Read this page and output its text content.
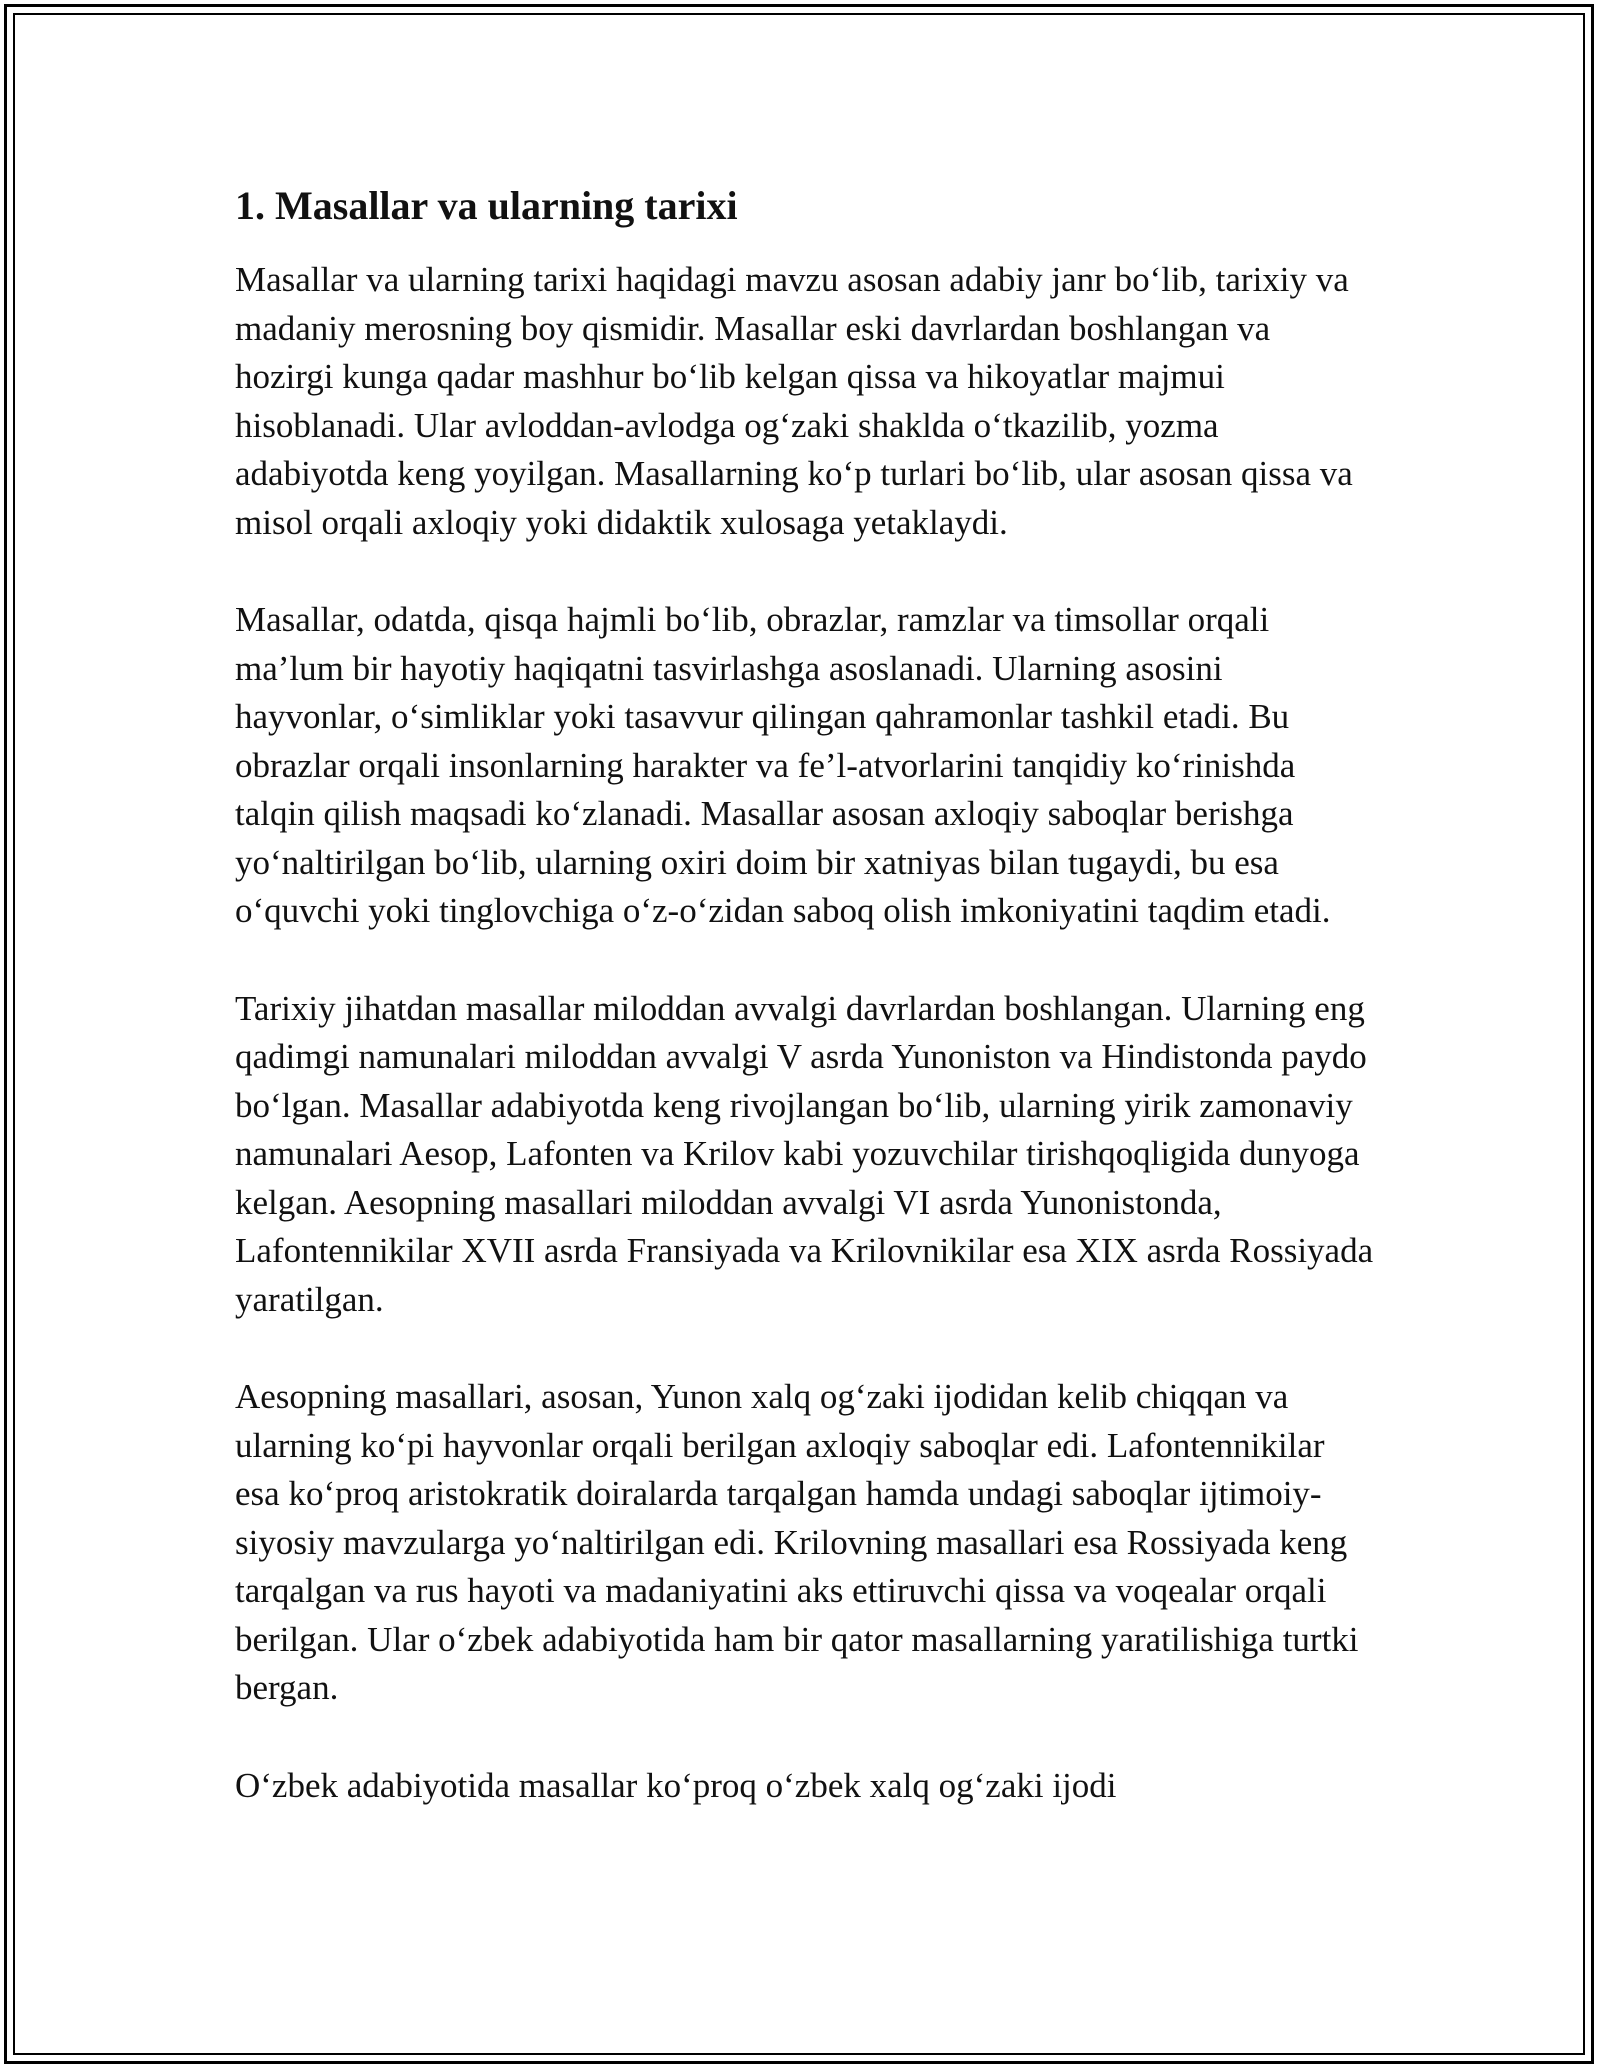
1. Masallar va ularning tarixi

Masallar va ularning tarixi haqidagi mavzu asosan adabiy janr bo‘lib, tarixiy va madaniy merosning boy qismidir. Masallar eski davrlardan boshlangan va hozirgi kunga qadar mashhur bo‘lib kelgan qissa va hikoyatlar majmui hisoblanadi. Ular avloddan-avlodga og‘zaki shaklda o‘tkazilib, yozma adabiyotda keng yoyilgan. Masallarning ko‘p turlari bo‘lib, ular asosan qissa va misol orqali axloqiy yoki didaktik xulosaga yetaklaydi.

Masallar, odatda, qisqa hajmli bo‘lib, obrazlar, ramzlar va timsollar orqali ma’lum bir hayotiy haqiqatni tasvirlashga asoslanadi. Ularning asosini hayvonlar, o‘simliklar yoki tasavvur qilingan qahramonlar tashkil etadi. Bu obrazlar orqali insonlarning harakter va fe’l-atvorlarini tanqidiy ko‘rinishda talqin qilish maqsadi ko‘zlanadi. Masallar asosan axloqiy saboqlar berishga yo‘naltirilgan bo‘lib, ularning oxiri doim bir xatniyas bilan tugaydi, bu esa o‘quvchi yoki tinglovchiga o‘z-o‘zidan saboq olish imkoniyatini taqdim etadi.

Tarixiy jihatdan masallar miloddan avvalgi davrlardan boshlangan. Ularning eng qadimgi namunalari miloddan avvalgi V asrda Yunoniston va Hindistonda paydo bo‘lgan. Masallar adabiyotda keng rivojlangan bo‘lib, ularning yirik zamonaviy namunalari Aesop, Lafonten va Krilov kabi yozuvchilar tirishqoqligida dunyoga kelgan. Aesopning masallari miloddan avvalgi VI asrda Yunonistonda, Lafontennikilar XVII asrda Fransiyada va Krilovnikilar esa XIX asrda Rossiyada yaratilgan.

Aesopning masallari, asosan, Yunon xalq og‘zaki ijodidan kelib chiqqan va ularning ko‘pi hayvonlar orqali berilgan axloqiy saboqlar edi. Lafontennikilar esa ko‘proq aristokratik doiralarda tarqalgan hamda undagi saboqlar ijtimoiy-siyosiy mavzularga yo‘naltirilgan edi. Krilovning masallari esa Rossiyada keng tarqalgan va rus hayoti va madaniyatini aks ettiruvchi qissa va voqealar orqali berilgan. Ular o‘zbek adabiyotida ham bir qator masallarning yaratilishiga turtki bergan.

O‘zbek adabiyotida masallar ko‘proq o‘zbek xalq og‘zaki ijodi
